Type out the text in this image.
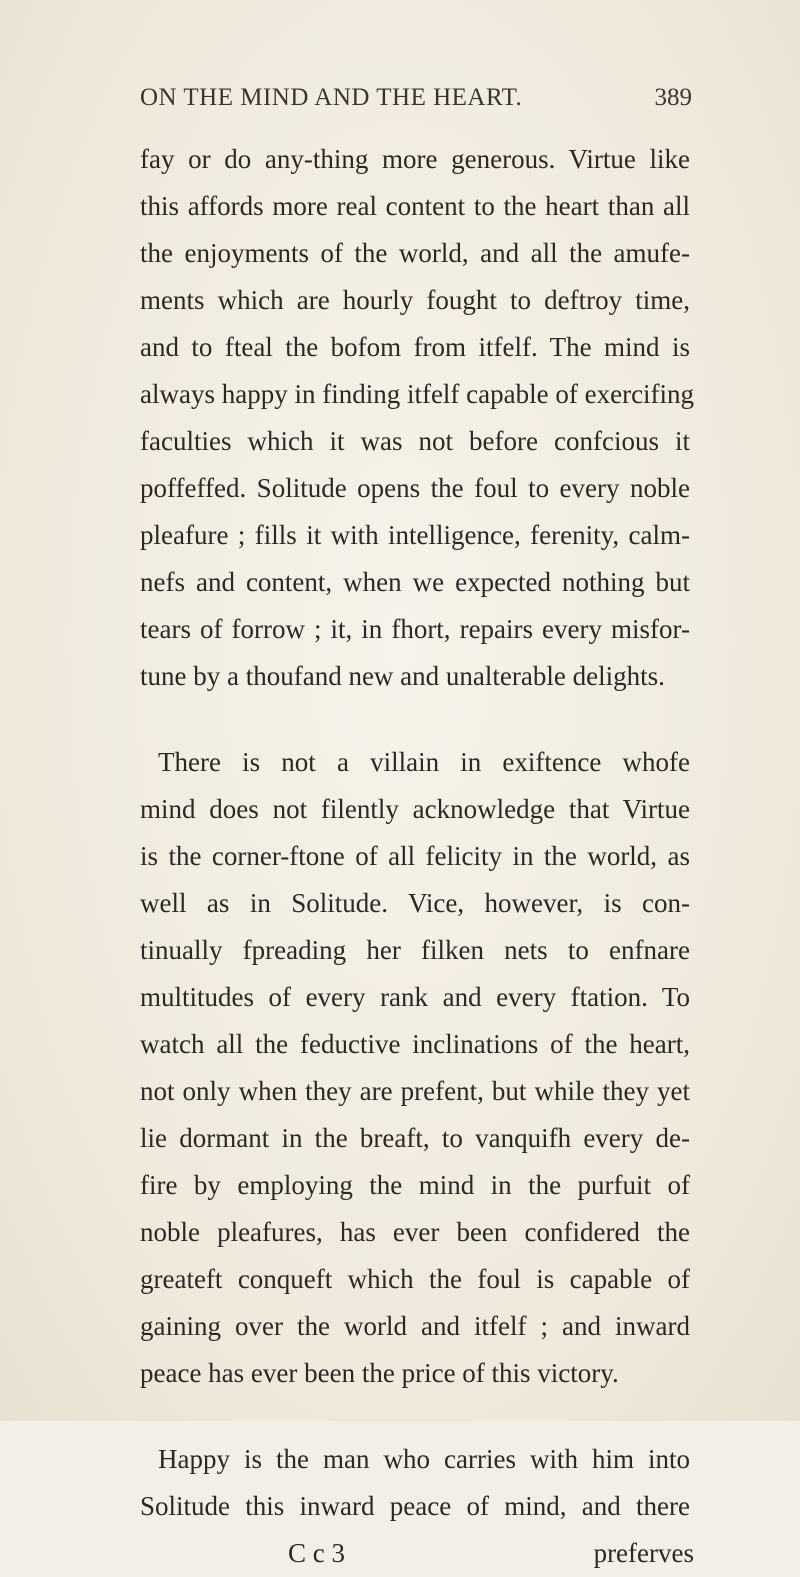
ON THE MIND AND THE HEART.	389
fay or do any-thing more generous. Virtue like
this affords more real content to the heart than all
the enjoyments of the world, and all the amufe-
ments which are hourly fought to deftroy time,
and to fteal the bofom from itfelf. The mind is
always happy in finding itfelf capable of exercifing
faculties which it was not before confcious it
poffeffed. Solitude opens the foul to every noble
pleafure ; fills it with intelligence, ferenity, calm-
nefs and content, when we expected nothing but
tears of forrow ; it, in fhort, repairs every misfor-
tune by a thoufand new and unalterable delights.
There is not a villain in exiftence whofe
mind does not filently acknowledge that Virtue
is the corner-ftone of all felicity in the world, as
well as in Solitude. Vice, however, is con-
tinually fpreading her filken nets to enfnare
multitudes of every rank and every ftation. To
watch all the feductive inclinations of the heart,
not only when they are prefent, but while they yet
lie dormant in the breaft, to vanquifh every de-
fire by employing the mind in the purfuit of
noble pleafures, has ever been confidered the
greateft conqueft which the foul is capable of
gaining over the world and itfelf ; and inward
peace has ever been the price of this victory.
Happy is the man who carries with him into
Solitude this inward peace of mind, and there
C c 3	preferves
